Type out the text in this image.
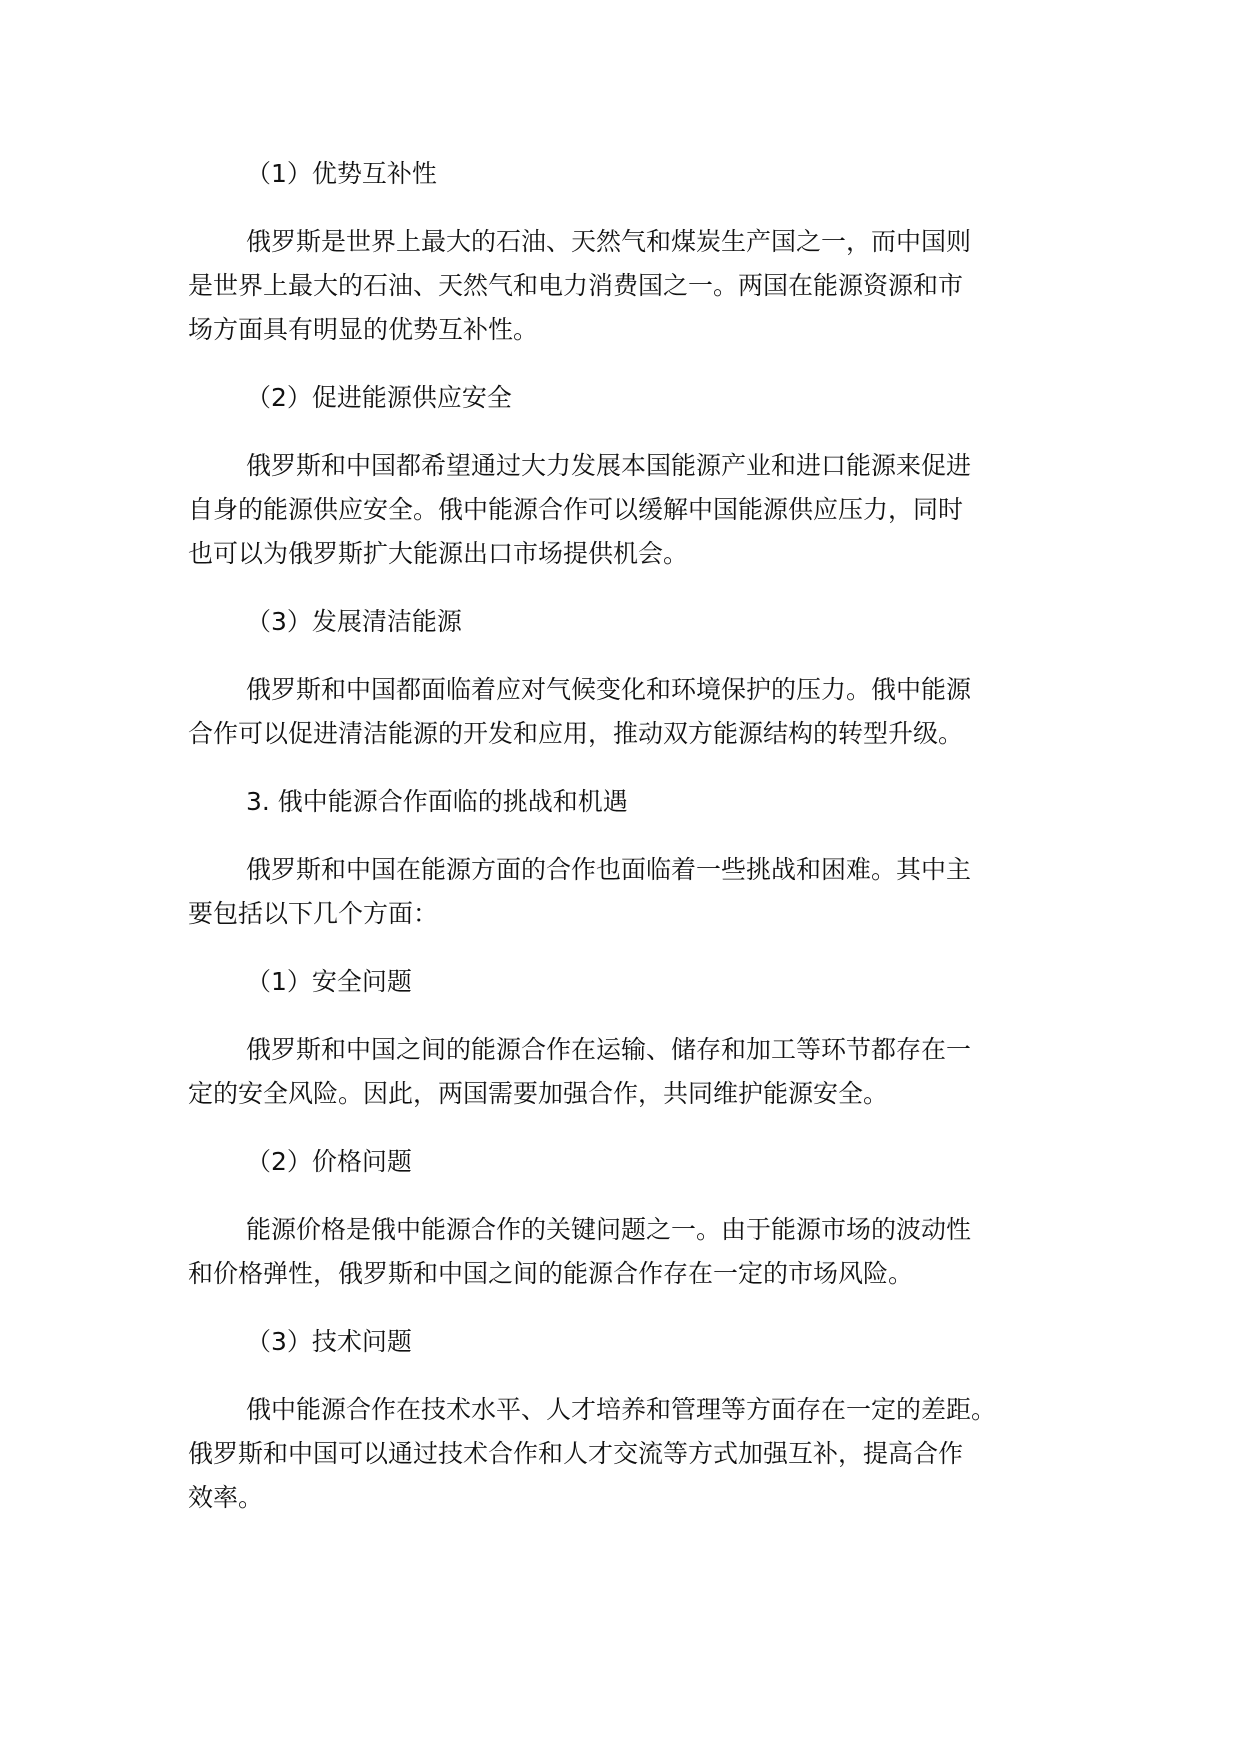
（1）优势互补性

俄罗斯是世界上最大的石油、天然气和煤炭生产国之一，而中国则
是世界上最大的石油、天然气和电力消费国之一。两国在能源资源和市
场方面具有明显的优势互补性。

（2）促进能源供应安全

俄罗斯和中国都希望通过大力发展本国能源产业和进口能源来促进
自身的能源供应安全。俄中能源合作可以缓解中国能源供应压力，同时
也可以为俄罗斯扩大能源出口市场提供机会。

（3）发展清洁能源

俄罗斯和中国都面临着应对气候变化和环境保护的压力。俄中能源
合作可以促进清洁能源的开发和应用，推动双方能源结构的转型升级。

3. 俄中能源合作面临的挑战和机遇

俄罗斯和中国在能源方面的合作也面临着一些挑战和困难。其中主
要包括以下几个方面：

（1）安全问题

俄罗斯和中国之间的能源合作在运输、储存和加工等环节都存在一
定的安全风险。因此，两国需要加强合作，共同维护能源安全。

（2）价格问题

能源价格是俄中能源合作的关键问题之一。由于能源市场的波动性
和价格弹性，俄罗斯和中国之间的能源合作存在一定的市场风险。

（3）技术问题

俄中能源合作在技术水平、人才培养和管理等方面存在一定的差距。
俄罗斯和中国可以通过技术合作和人才交流等方式加强互补，提高合作
效率。
